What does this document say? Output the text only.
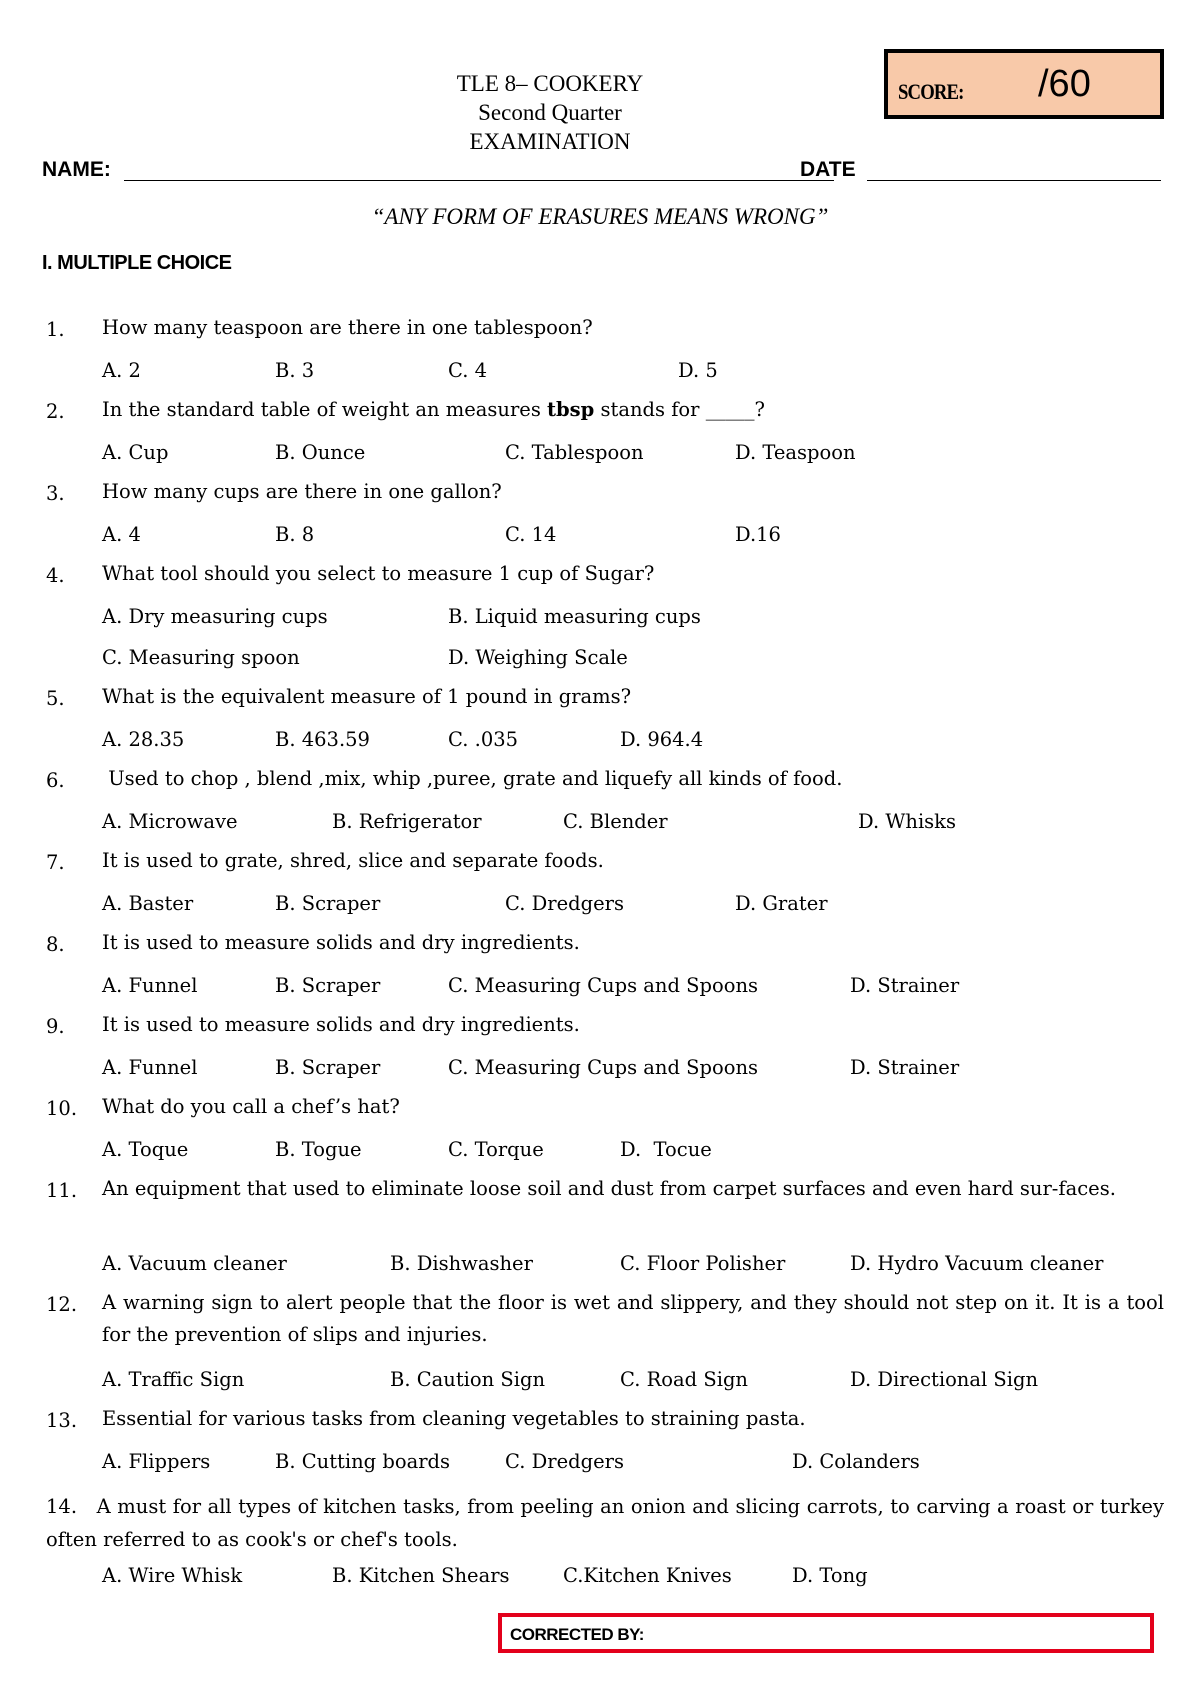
TLE 8– COOKERY
Second Quarter
EXAMINATION
SCORE: /60
NAME:	DATE
“ANY FORM OF ERASURES MEANS WRONG”
I. MULTIPLE CHOICE
1. How many teaspoon are there in one tablespoon?
A. 2	B. 3	C. 4	D. 5
2. In the standard table of weight an measures tbsp stands for _____?
A. Cup	B. Ounce	C. Tablespoon	D. Teaspoon
3. How many cups are there in one gallon?
A. 4	B. 8	C. 14	D.16
4. What tool should you select to measure 1 cup of Sugar?
A. Dry measuring cups	B. Liquid measuring cups
C. Measuring spoon	D. Weighing Scale
5. What is the equivalent measure of 1 pound in grams?
A. 28.35	B. 463.59	C. .035	D. 964.4
6. Used to chop , blend ,mix, whip ,puree, grate and liquefy all kinds of food.
A. Microwave	B. Refrigerator	C. Blender	D. Whisks
7. It is used to grate, shred, slice and separate foods.
A. Baster	B. Scraper	C. Dredgers	D. Grater
8. It is used to measure solids and dry ingredients.
A. Funnel	B. Scraper	C. Measuring Cups and Spoons	D. Strainer
9. It is used to measure solids and dry ingredients.
A. Funnel	B. Scraper	C. Measuring Cups and Spoons	D. Strainer
10. What do you call a chef’s hat?
A. Toque	B. Togue	C. Torque	D.  Tocue
11. An equipment that used to eliminate loose soil and dust from carpet surfaces and even hard sur-faces.
A. Vacuum cleaner	B. Dishwasher	C. Floor Polisher	D. Hydro Vacuum cleaner
12. A warning sign to alert people that the floor is wet and slippery, and they should not step on it. It is a tool for the prevention of slips and injuries.
A. Traffic Sign	B. Caution Sign	C. Road Sign	D. Directional Sign
13. Essential for various tasks from cleaning vegetables to straining pasta.
A. Flippers	B. Cutting boards	C. Dredgers	D. Colanders
14. A must for all types of kitchen tasks, from peeling an onion and slicing carrots, to carving a roast or turkey often referred to as cook's or chef's tools.
A. Wire Whisk	B. Kitchen Shears	C.Kitchen Knives	D. Tong
CORRECTED BY:
